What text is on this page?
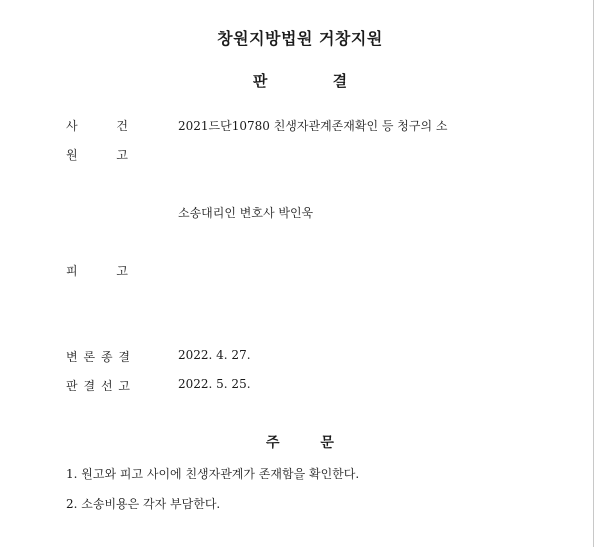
창원지방법원 거창지원
판 결
사	건	2021드단10780 친생자관계존재확인 등 청구의 소
원	고
소송대리인 변호사 박인욱
피	고
변 론 종 결	2022. 4. 27.
판 결 선 고	2022. 5. 25.
주 문
1. 원고와 피고 사이에 친생자관계가 존재함을 확인한다.
2. 소송비용은 각자 부담한다.
